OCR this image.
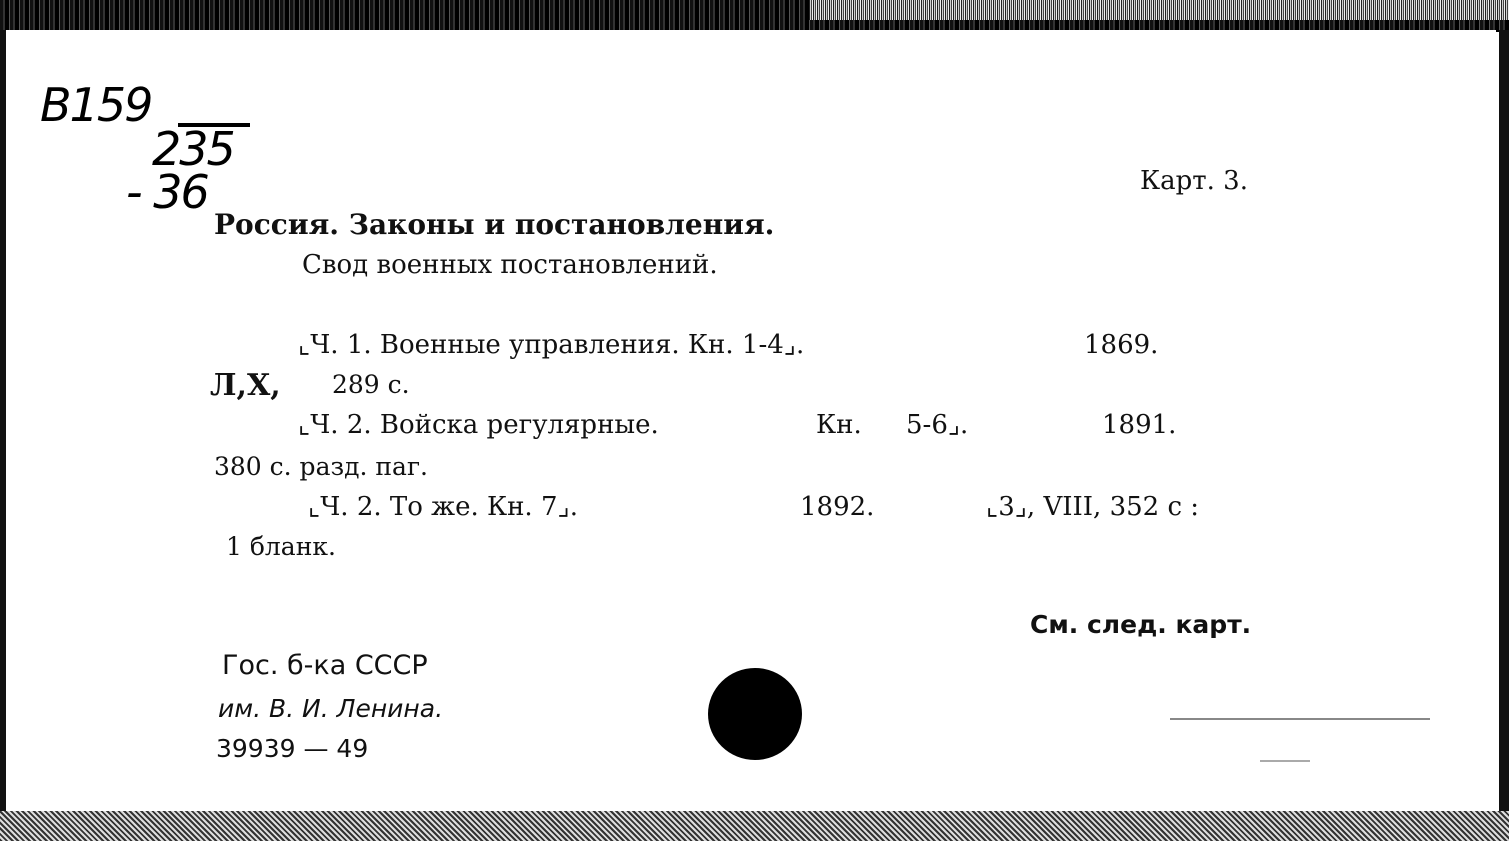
B159
235
- 36	Карт. 3.
Россия. Законы и постановления.
Свод военных постановлений.
⌞Ч. 1. Военные управления. Кн. 1-4⌟.	1869.
Л,Х, 289 с.
⌞Ч. 2. Войска регулярные.	Кн. 5-6⌟.	1891.
380 с. разд. паг.
⌞Ч. 2. То же. Кн. 7⌟.	1892.	⌞3⌟, VIII, 352 с :
1 бланк.
См. след. карт.
Гос. б-ка СССР
им. В. И. Ленина.
39939 — 49
